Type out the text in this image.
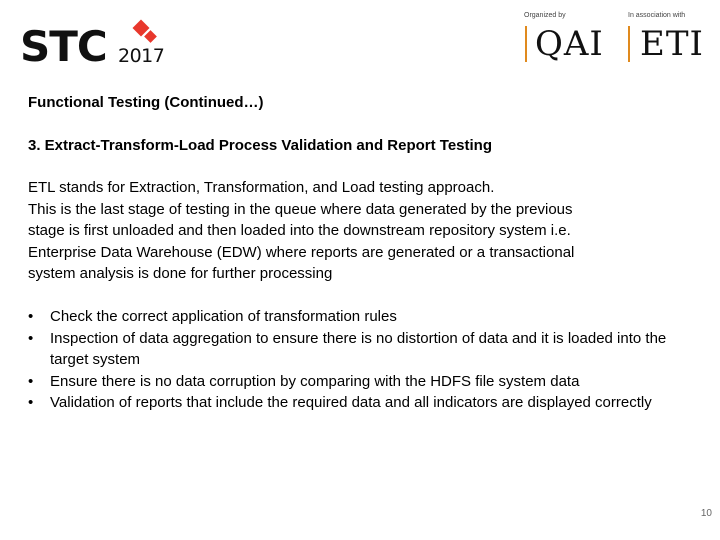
STC 2017
Organized by
QAI
In association with
ETI
Functional Testing (Continued…)
3. Extract-Transform-Load Process Validation and Report Testing
ETL stands for Extraction, Transformation, and Load testing approach.
This is the last stage of testing in the queue where data generated by the previous
stage is first unloaded and then loaded into the downstream repository system i.e.
Enterprise Data Warehouse (EDW) where reports are generated or a transactional
system analysis is done for further processing
•	Check the correct application of transformation rules
•	Inspection of data aggregation to ensure there is no distortion of data and it is loaded into the target system
•	Ensure there is no data corruption by comparing with the HDFS file system data
•	Validation of reports that include the required data and all indicators are displayed correctly
10
